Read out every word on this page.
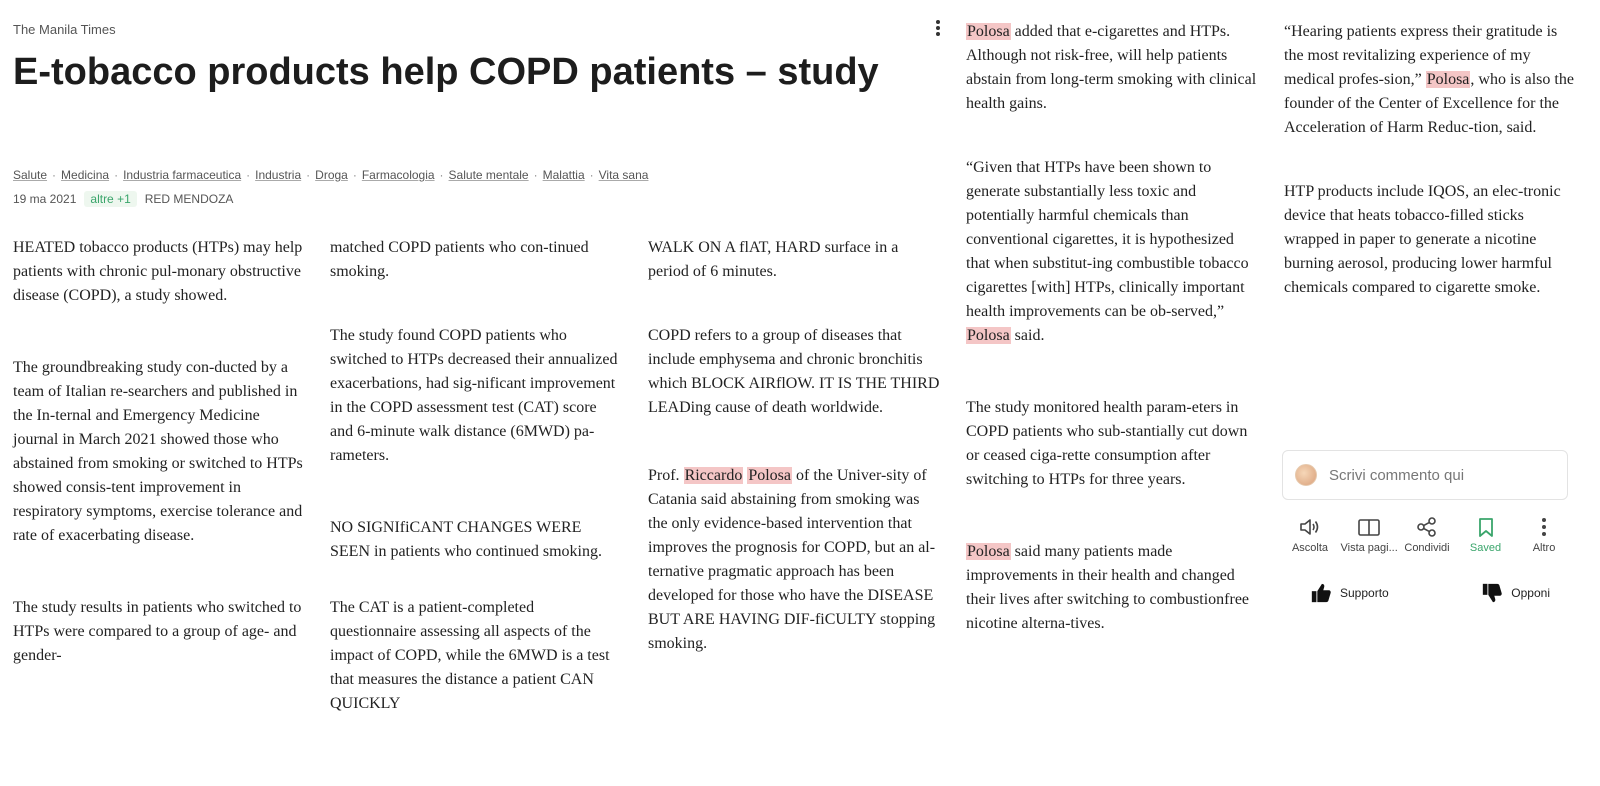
The Manila Times
E-tobacco products help COPD patients – study
Salute · Medicina · Industria farmaceutica · Industria · Droga · Farmacologia · Salute mentale · Malattia · Vita sana
19 ma 2021	altre +1	RED MENDOZA

HEATED tobacco products (HTPs) may help patients with chronic pul-monary obstructive disease (COPD), a study showed.

The groundbreaking study con-ducted by a team of Italian re-searchers and published in the In-ternal and Emergency Medicine journal in March 2021 showed those who abstained from smoking or switched to HTPs showed consis-tent improvement in respiratory symptoms, exercise tolerance and rate of exacerbating disease.

The study results in patients who switched to HTPs were compared to a group of age- and gender-

matched COPD patients who con-tinued smoking.

The study found COPD patients who switched to HTPs decreased their annualized exacerbations, had sig-nificant improvement in the COPD assessment test (CAT) score and 6-minute walk distance (6MWD) pa-rameters.

NO SIGNIfiCANT CHANGES WERE SEEN in patients who continued smoking.

The CAT is a patient-completed questionnaire assessing all aspects of the impact of COPD, while the 6MWD is a test that measures the distance a patient CAN QUICKLY

WALK ON A flAT, HARD surface in a period of 6 minutes.

COPD refers to a group of diseases that include emphysema and chronic bronchitis which BLOCK AIRflOW. IT IS THE THIRD LEADing cause of death worldwide.

Prof. Riccardo Polosa of the Univer-sity of Catania said abstaining from smoking was the only evidence-based intervention that improves the prognosis for COPD, but an al-ternative pragmatic approach has been developed for those who have the DISEASE BUT ARE HAVING DIF-fiCULTY stopping smoking.

Polosa added that e-cigarettes and HTPs. Although not risk-free, will help patients abstain from long-term smoking with clinical health gains.

“Given that HTPs have been shown to generate substantially less toxic and potentially harmful chemicals than conventional cigarettes, it is hypothesized that when substitut-ing combustible tobacco cigarettes [with] HTPs, clinically important health improvements can be ob-served,” Polosa said.

The study monitored health param-eters in COPD patients who sub-stantially cut down or ceased ciga-rette consumption after switching to HTPs for three years.

Polosa said many patients made improvements in their health and changed their lives after switching to combustionfree nicotine alterna-tives.

“Hearing patients express their gratitude is the most revitalizing experience of my medical profes-sion,” Polosa, who is also the founder of the Center of Excellence for the Acceleration of Harm Reduc-tion, said.

HTP products include IQOS, an elec-tronic device that heats tobacco-filled sticks wrapped in paper to generate a nicotine burning aerosol, producing lower harmful chemicals compared to cigarette smoke.

Scrivi commento qui
Ascolta	Vista pagi... Condividi	Saved	Altro
Supporto	Opponi
